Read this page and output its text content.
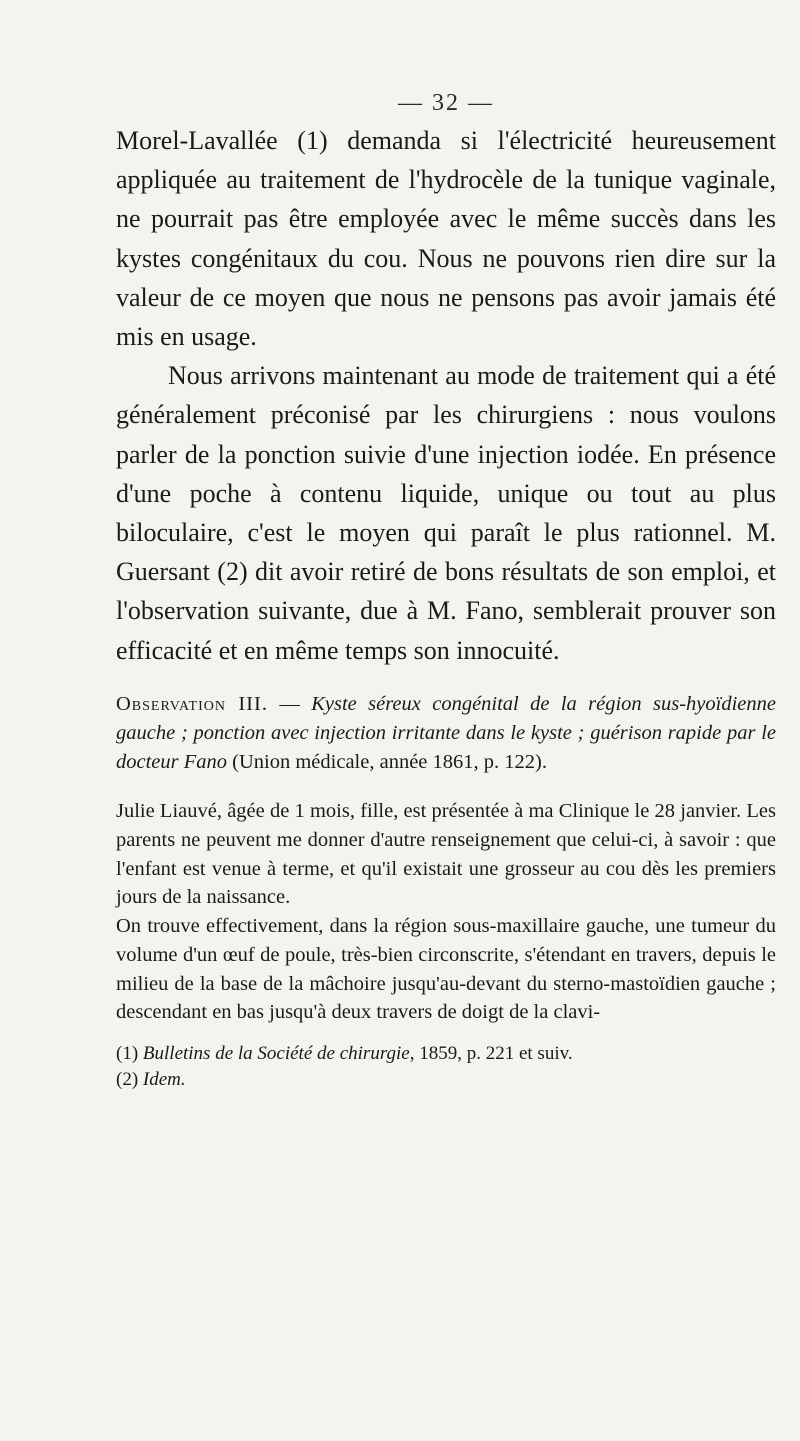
— 32 —

Morel-Lavallée (1) demanda si l'électricité heureusement appliquée au traitement de l'hydrocèle de la tunique vaginale, ne pourrait pas être employée avec le même succès dans les kystes congénitaux du cou. Nous ne pouvons rien dire sur la valeur de ce moyen que nous ne pensons pas avoir jamais été mis en usage.

Nous arrivons maintenant au mode de traitement qui a été généralement préconisé par les chirurgiens : nous voulons parler de la ponction suivie d'une injection iodée. En présence d'une poche à contenu liquide, unique ou tout au plus biloculaire, c'est le moyen qui paraît le plus rationnel. M. Guersant (2) dit avoir retiré de bons résultats de son emploi, et l'observation suivante, due à M. Fano, semblerait prouver son efficacité et en même temps son innocuité.

Observation III. — Kyste séreux congénital de la région sus-hyoïdienne gauche ; ponction avec injection irritante dans le kyste ; guérison rapide par le docteur Fano (Union médicale, année 1861, p. 122).

Julie Liauvé, âgée de 1 mois, fille, est présentée à ma Clinique le 28 janvier. Les parents ne peuvent me donner d'autre renseignement que celui-ci, à savoir : que l'enfant est venue à terme, et qu'il existait une grosseur au cou dès les premiers jours de la naissance.

On trouve effectivement, dans la région sous-maxillaire gauche, une tumeur du volume d'un œuf de poule, très-bien circonscrite, s'étendant en travers, depuis le milieu de la base de la mâchoire jusqu'au-devant du sterno-mastoïdien gauche ; descendant en bas jusqu'à deux travers de doigt de la clavi-

(1) Bulletins de la Société de chirurgie, 1859, p. 221 et suiv.
(2) Idem.
